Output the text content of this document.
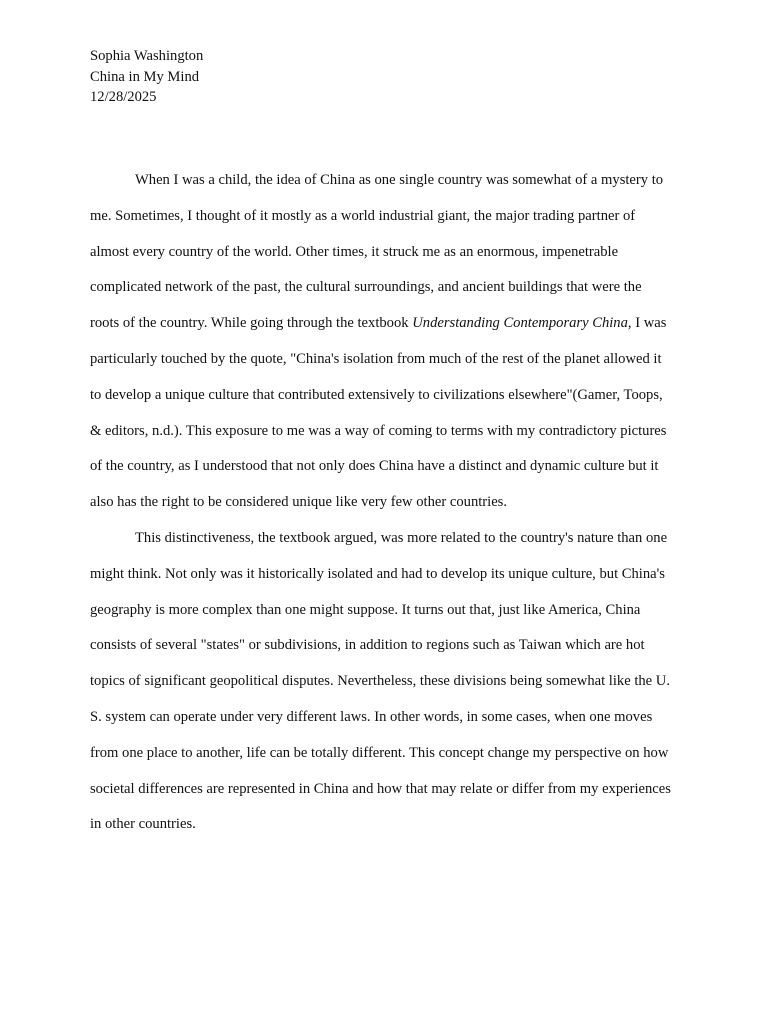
Sophia Washington
China in My Mind
12/28/2025

When I was a child, the idea of China as one single country was somewhat of a mystery to me. Sometimes, I thought of it mostly as a world industrial giant, the major trading partner of almost every country of the world. Other times, it struck me as an enormous, impenetrable complicated network of the past, the cultural surroundings, and ancient buildings that were the roots of the country. While going through the textbook Understanding Contemporary China, I was particularly touched by the quote, "China's isolation from much of the rest of the planet allowed it to develop a unique culture that contributed extensively to civilizations elsewhere"(Gamer, Toops, & editors, n.d.). This exposure to me was a way of coming to terms with my contradictory pictures of the country, as I understood that not only does China have a distinct and dynamic culture but it also has the right to be considered unique like very few other countries.

This distinctiveness, the textbook argued, was more related to the country's nature than one might think. Not only was it historically isolated and had to develop its unique culture, but China's geography is more complex than one might suppose. It turns out that, just like America, China consists of several "states" or subdivisions, in addition to regions such as Taiwan which are hot topics of significant geopolitical disputes. Nevertheless, these divisions being somewhat like the U. S. system can operate under very different laws. In other words, in some cases, when one moves from one place to another, life can be totally different. This concept change my perspective on how societal differences are represented in China and how that may relate or differ from my experiences in other countries.
